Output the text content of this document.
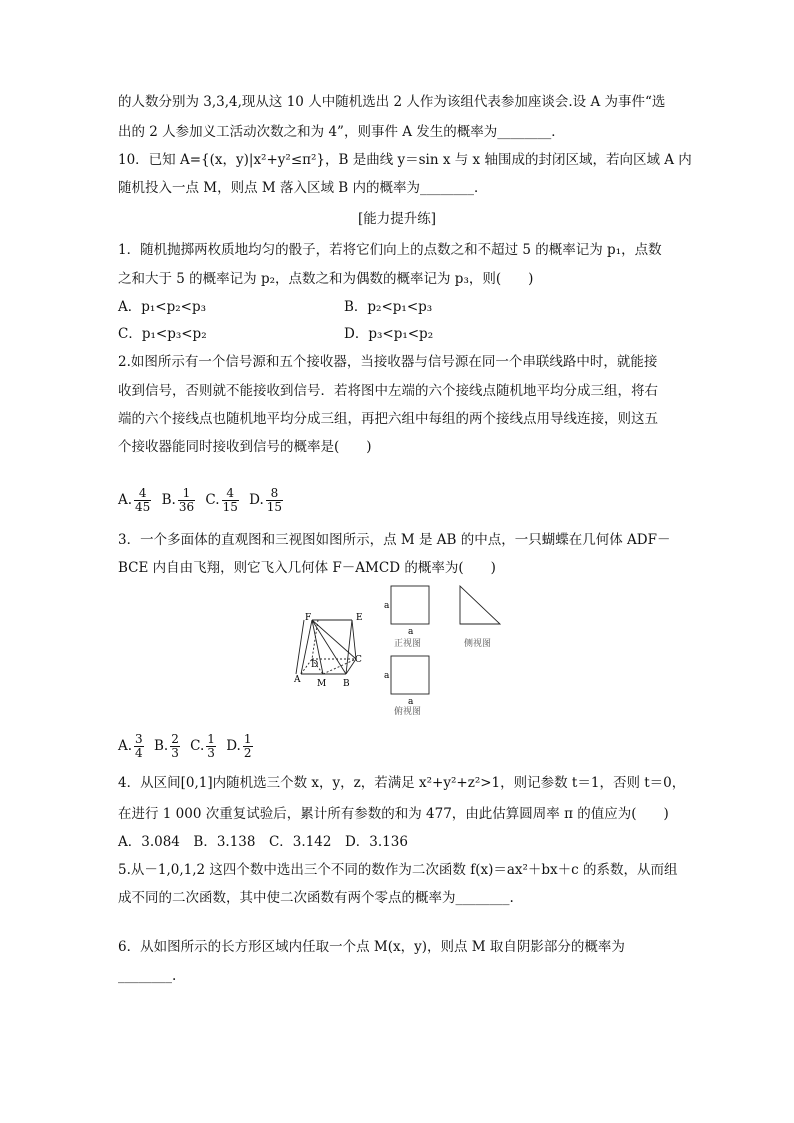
的人数分别为 3,3,4,现从这 10 人中随机选出 2 人作为该组代表参加座谈会.设 A 为事件“选
出的 2 人参加义工活动次数之和为 4”，则事件 A 发生的概率为________．
10．已知 A={(x，y)|x²+y²≤π²}，B 是曲线 y＝sin x 与 x 轴围成的封闭区域，若向区域 A 内
随机投入一点 M，则点 M 落入区域 B 内的概率为________．
[能力提升练]
1．随机抛掷两枚质地均匀的骰子，若将它们向上的点数之和不超过 5 的概率记为 p₁，点数
之和大于 5 的概率记为 p₂，点数之和为偶数的概率记为 p₃，则(　　)
A．p₁<p₂<p₃	B．p₂<p₁<p₃
C．p₁<p₃<p₂	D．p₃<p₁<p₂
2.如图所示有一个信号源和五个接收器，当接收器与信号源在同一个串联线路中时，就能接
收到信号，否则就不能接收到信号．若将图中左端的六个接线点随机地平均分成三组，将右
端的六个接线点也随机地平均分成三组，再把六组中每组的两个接线点用导线连接，则这五
个接收器能同时接收到信号的概率是(　　)
A. $\frac{4}{45} B$. $\frac{1}{36} C$. $\frac{4}{15} D$. $\frac{8}{15}$
3．一个多面体的直观图和三视图如图所示，点 M 是 AB 的中点，一只蝴蝶在几何体 ADF－
BCE 内自由飞翔，则它飞入几何体 F－AMCD 的概率为(　　)
F	E
D	C
A M B
a
a
正视图	侧视图
a
a
俯视图
A. $\frac{3}{4} B$. $\frac{2}{3} C$. $\frac{1}{3} D$. $\frac{1}{2}$
4．从区间[0,1]内随机选三个数 x，y，z，若满足 x²+y²+z²>1，则记参数 t＝1，否则 t＝0，
在进行 1 000 次重复试验后，累计所有参数的和为 477，由此估算圆周率 π 的值应为(　　)
A．3.084　B．3.138　C．3.142　D．3.136
5.从－1,0,1,2 这四个数中选出三个不同的数作为二次函数 f(x)＝ax²＋bx＋c 的系数，从而组
成不同的二次函数，其中使二次函数有两个零点的概率为________.
6．从如图所示的长方形区域内任取一个点 M(x，y)，则点 M 取自阴影部分的概率为
________.
